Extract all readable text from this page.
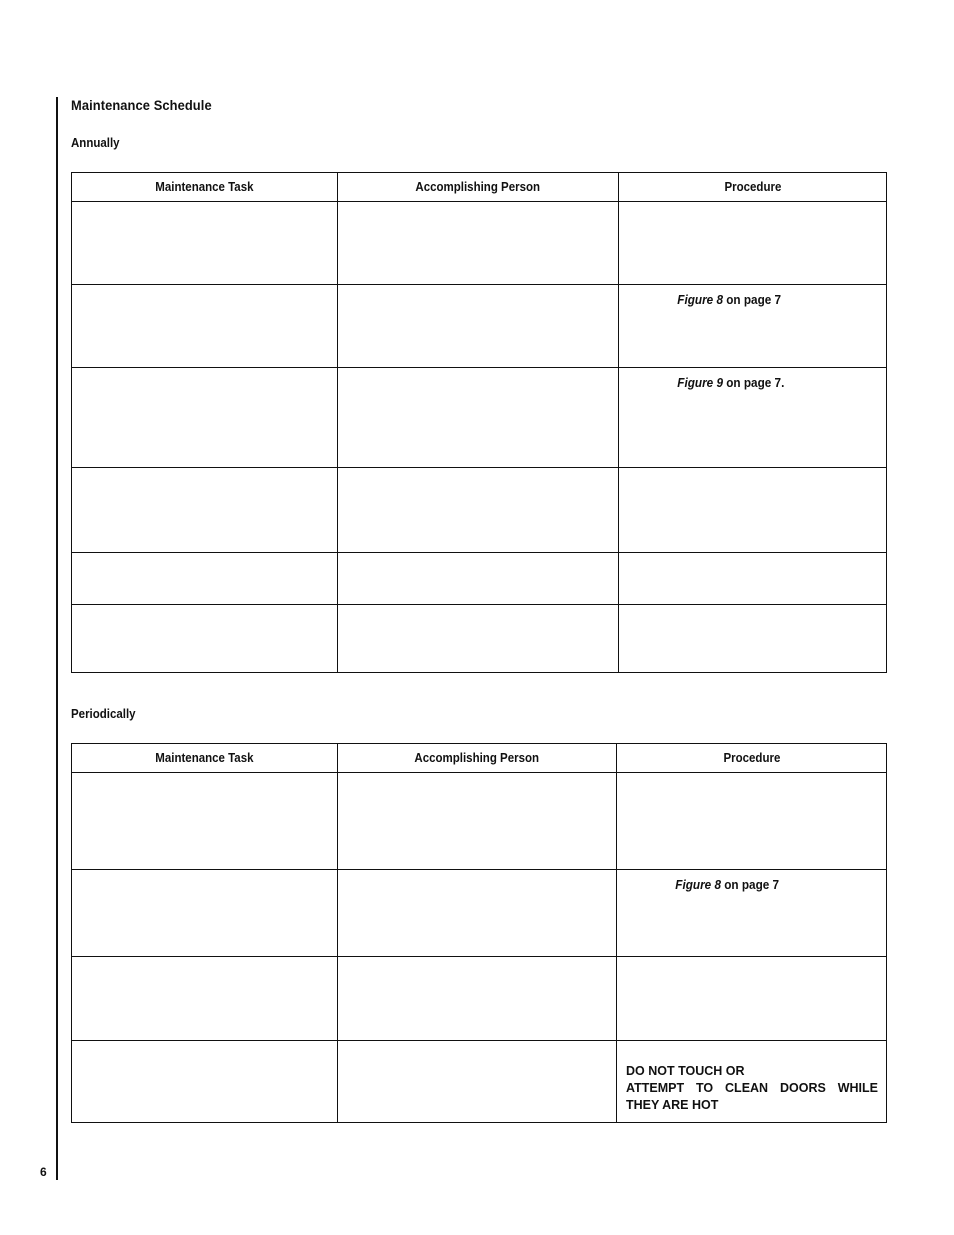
6
Maintenance Schedule
Annually
Maintenance Task	Accomplishing Person	Procedure

		Figure 8 on page 7

		Figure 9 on page 7.

Periodically
Maintenance Task	Accomplishing Person	Procedure

		Figure 8 on page 7

		DO NOT TOUCH OR
ATTEMPT TO CLEAN DOORS WHILE THEY ARE HOT
